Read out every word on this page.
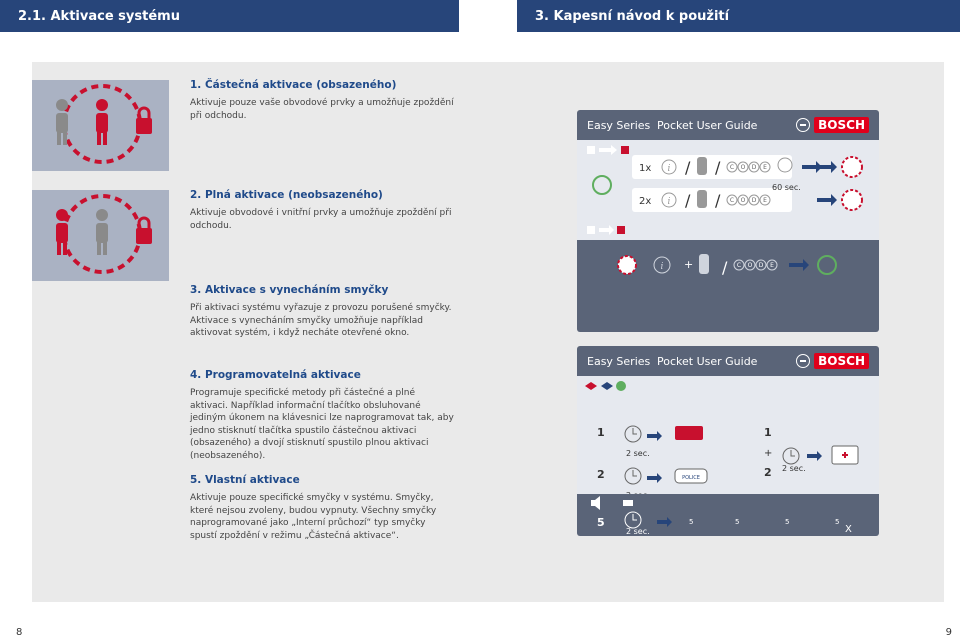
2.1. Aktivace systému	3. Kapesní návod k použití
1. Částečná aktivace (obsazeného)
Aktivuje pouze vaše obvodové prvky a umožňuje zpoždění při odchodu.
2. Plná aktivace (neobsazeného)
Aktivuje obvodové i vnitřní prvky a umožňuje zpoždění při odchodu.
3. Aktivace s vynecháním smyčky
Při aktivaci systému vyřazuje z provozu porušené smyčky. Aktivace s vynecháním smyčky umožňuje například aktivovat systém, i když necháte otevřené okno.
4. Programovatelná aktivace
Programuje specifické metody při částečné a plné aktivaci. Například informační tlačítko obsluhované jediným úkonem na klávesnici lze naprogramovat tak, aby jedno stisknutí tlačítka spustilo částečnou aktivaci (obsazeného) a dvojí stisknutí spustilo plnou aktivaci (neobsazeného).
5. Vlastní aktivace
Aktivuje pouze specifické smyčky v systému. Smyčky, které nejsou zvoleny, budou vypnuty. Všechny smyčky naprogramované jako „Interní průchozí“ typ smyčky spustí zpoždění v režimu „Částečná aktivace“.
Easy Series Pocket User Guide	BOSCH
1x i / / C O D E
2x i / / C O D E
60 sec.
i + / C O D E
Easy Series Pocket User Guide	BOSCH
1
2 sec.
2	POLICE
1
+
2 2 sec.
5
2 sec.
5	5	5	5
X
8	9
